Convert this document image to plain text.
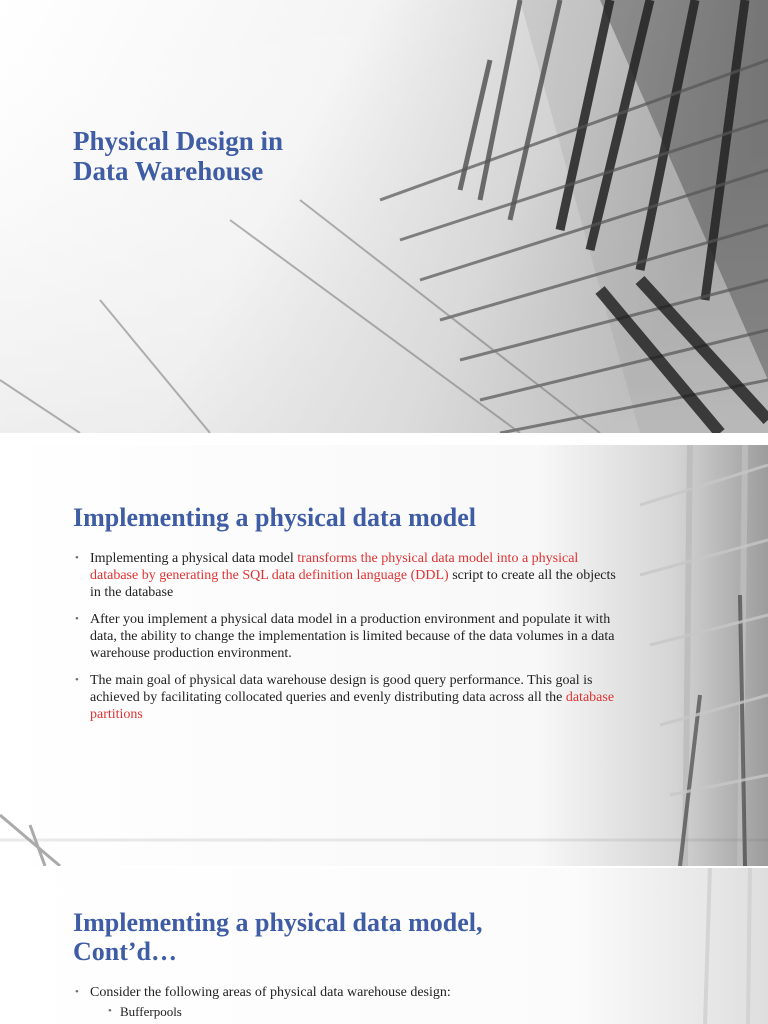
Physical Design in
Data Warehouse
Implementing a physical data model
• Implementing a physical data model transforms the physical data model into a physical database by generating the SQL data definition language (DDL) script to create all the objects in the database
• After you implement a physical data model in a production environment and populate it with data, the ability to change the implementation is limited because of the data volumes in a data warehouse production environment.
• The main goal of physical data warehouse design is good query performance. This goal is achieved by facilitating collocated queries and evenly distributing data across all the database partitions
Implementing a physical data model,
Cont’d…
• Consider the following areas of physical data warehouse design:
• Bufferpools
